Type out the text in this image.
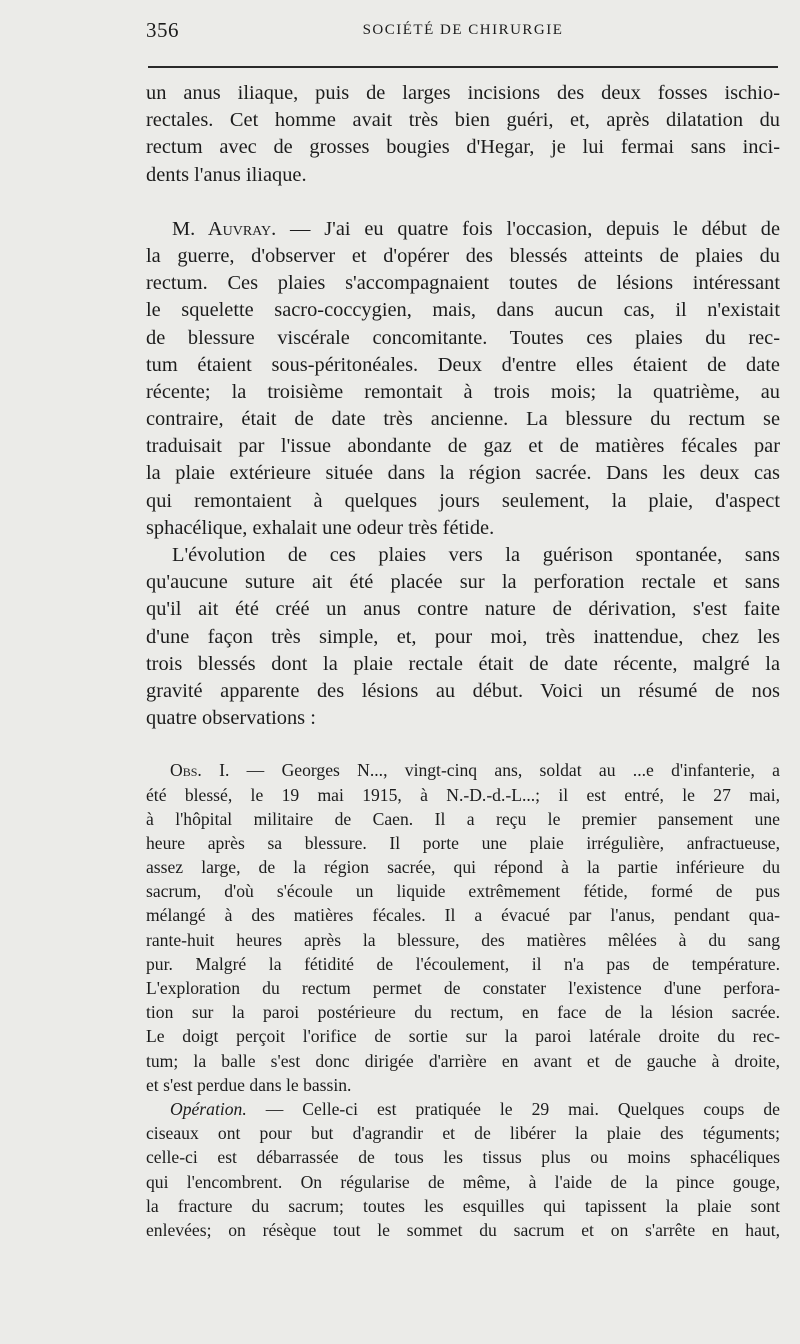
356	SOCIÉTÉ DE CHIRURGIE
un anus iliaque, puis de larges incisions des deux fosses ischio-
rectales. Cet homme avait très bien guéri, et, après dilatation du
rectum avec de grosses bougies d'Hegar, je lui fermai sans inci-
dents l'anus iliaque.
M. Auvray. — J'ai eu quatre fois l'occasion, depuis le début de
la guerre, d'observer et d'opérer des blessés atteints de plaies du
rectum. Ces plaies s'accompagnaient toutes de lésions intéressant
le squelette sacro-coccygien, mais, dans aucun cas, il n'existait
de blessure viscérale concomitante. Toutes ces plaies du rec-
tum étaient sous-péritonéales. Deux d'entre elles étaient de date
récente; la troisième remontait à trois mois; la quatrième, au
contraire, était de date très ancienne. La blessure du rectum se
traduisait par l'issue abondante de gaz et de matières fécales par
la plaie extérieure située dans la région sacrée. Dans les deux cas
qui remontaient à quelques jours seulement, la plaie, d'aspect
sphacélique, exhalait une odeur très fétide.
L'évolution de ces plaies vers la guérison spontanée, sans
qu'aucune suture ait été placée sur la perforation rectale et sans
qu'il ait été créé un anus contre nature de dérivation, s'est faite
d'une façon très simple, et, pour moi, très inattendue, chez les
trois blessés dont la plaie rectale était de date récente, malgré la
gravité apparente des lésions au début. Voici un résumé de nos
quatre observations :
Obs. I. — Georges N..., vingt-cinq ans, soldat au ...e d'infanterie, a
été blessé, le 19 mai 1915, à N.-D.-d.-L...; il est entré, le 27 mai,
à l'hôpital militaire de Caen. Il a reçu le premier pansement une
heure après sa blessure. Il porte une plaie irrégulière, anfractueuse,
assez large, de la région sacrée, qui répond à la partie inférieure du
sacrum, d'où s'écoule un liquide extrêmement fétide, formé de pus
mélangé à des matières fécales. Il a évacué par l'anus, pendant qua-
rante-huit heures après la blessure, des matières mêlées à du sang
pur. Malgré la fétidité de l'écoulement, il n'a pas de température.
L'exploration du rectum permet de constater l'existence d'une perfora-
tion sur la paroi postérieure du rectum, en face de la lésion sacrée.
Le doigt perçoit l'orifice de sortie sur la paroi latérale droite du rec-
tum; la balle s'est donc dirigée d'arrière en avant et de gauche à droite,
et s'est perdue dans le bassin.
Opération. — Celle-ci est pratiquée le 29 mai. Quelques coups de
ciseaux ont pour but d'agrandir et de libérer la plaie des téguments;
celle-ci est débarrassée de tous les tissus plus ou moins sphacéliques
qui l'encombrent. On régularise de même, à l'aide de la pince gouge,
la fracture du sacrum; toutes les esquilles qui tapissent la plaie sont
enlevées; on résèque tout le sommet du sacrum et on s'arrête en haut,
